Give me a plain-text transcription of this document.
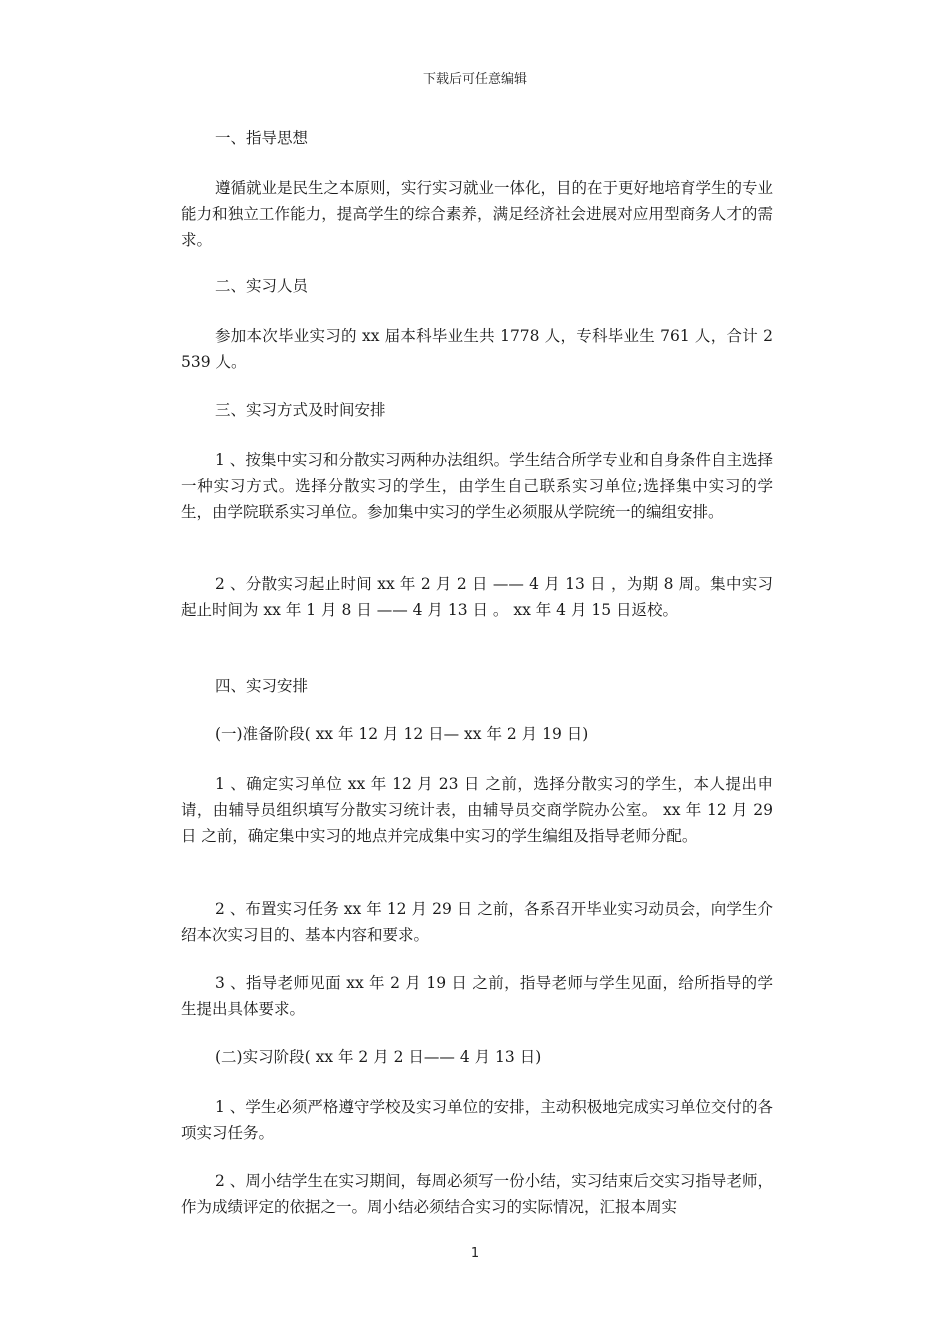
下载后可任意编辑
一、指导思想

遵循就业是民生之本原则，实行实习就业一体化，目的在于更好地培育学生的专业能力和独立工作能力，提高学生的综合素养，满足经济社会进展对应用型商务人才的需求。

二、实习人员

参加本次毕业实习的 xx 届本科毕业生共 1778 人，专科毕业生 761 人，合计 2539 人。

三、实习方式及时间安排

1 、按集中实习和分散实习两种办法组织。学生结合所学专业和自身条件自主选择一种实习方式。选择分散实习的学生，由学生自己联系实习单位;选择集中实习的学生，由学院联系实习单位。参加集中实习的学生必须服从学院统一的编组安排。

2 、分散实习起止时间 xx 年 2 月 2 日 —— 4 月 13 日 ，为期 8 周。集中实习起止时间为 xx 年 1 月 8 日 —— 4 月 13 日 。 xx 年 4 月 15 日返校。

四、实习安排
(一)准备阶段( xx 年 12 月 12 日— xx 年 2 月 19 日)

1 、确定实习单位 xx 年 12 月 23 日 之前，选择分散实习的学生，本人提出申请，由辅导员组织填写分散实习统计表，由辅导员交商学院办公室。 xx 年 12 月 29 日 之前，确定集中实习的地点并完成集中实习的学生编组及指导老师分配。

2 、布置实习任务 xx 年 12 月 29 日 之前，各系召开毕业实习动员会，向学生介绍本次实习目的、基本内容和要求。

3 、指导老师见面 xx 年 2 月 19 日 之前，指导老师与学生见面，给所指导的学生提出具体要求。

(二)实习阶段( xx 年 2 月 2 日—— 4 月 13 日)

1 、学生必须严格遵守学校及实习单位的安排，主动积极地完成实习单位交付的各项实习任务。

2 、周小结学生在实习期间，每周必须写一份小结，实习结束后交实习指导老师，作为成绩评定的依据之一。周小结必须结合实习的实际情况，汇报本周实

1
